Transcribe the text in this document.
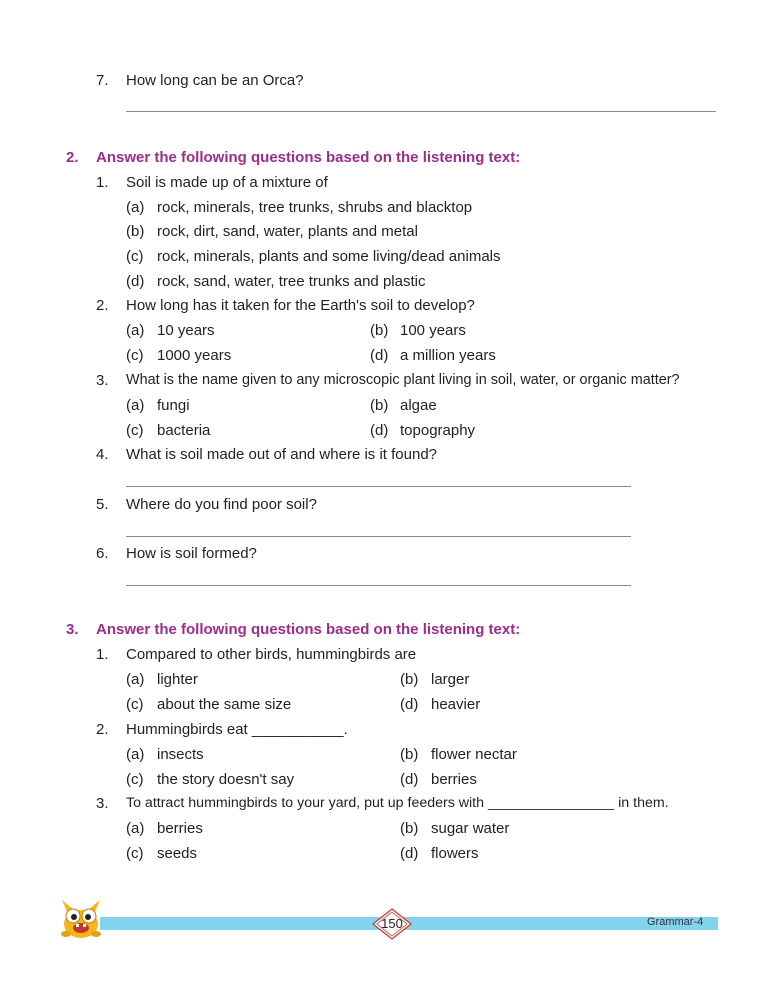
7. How long can be an Orca?
2. Answer the following questions based on the listening text:
1. Soil is made up of a mixture of
(a) rock, minerals, tree trunks, shrubs and blacktop
(b) rock, dirt, sand, water, plants and metal
(c) rock, minerals, plants and some living/dead animals
(d) rock, sand, water, tree trunks and plastic
2. How long has it taken for the Earth's soil to develop?
(a) 10 years	(b) 100 years
(c) 1000 years	(d) a million years
3. What is the name given to any microscopic plant living in soil, water, or organic matter?
(a) fungi	(b) algae
(c) bacteria	(d) topography
4. What is soil made out of and where is it found?
5. Where do you find poor soil?
6. How is soil formed?
3. Answer the following questions based on the listening text:
1. Compared to other birds, hummingbirds are
(a) lighter	(b) larger
(c) about the same size	(d) heavier
2. Hummingbirds eat ___________.
(a) insects	(b) flower nectar
(c) the story doesn't say	(d) berries
3. To attract hummingbirds to your yard, put up feeders with ________________ in them.
(a) berries	(b) sugar water
(c) seeds	(d) flowers
150	Grammar-4
